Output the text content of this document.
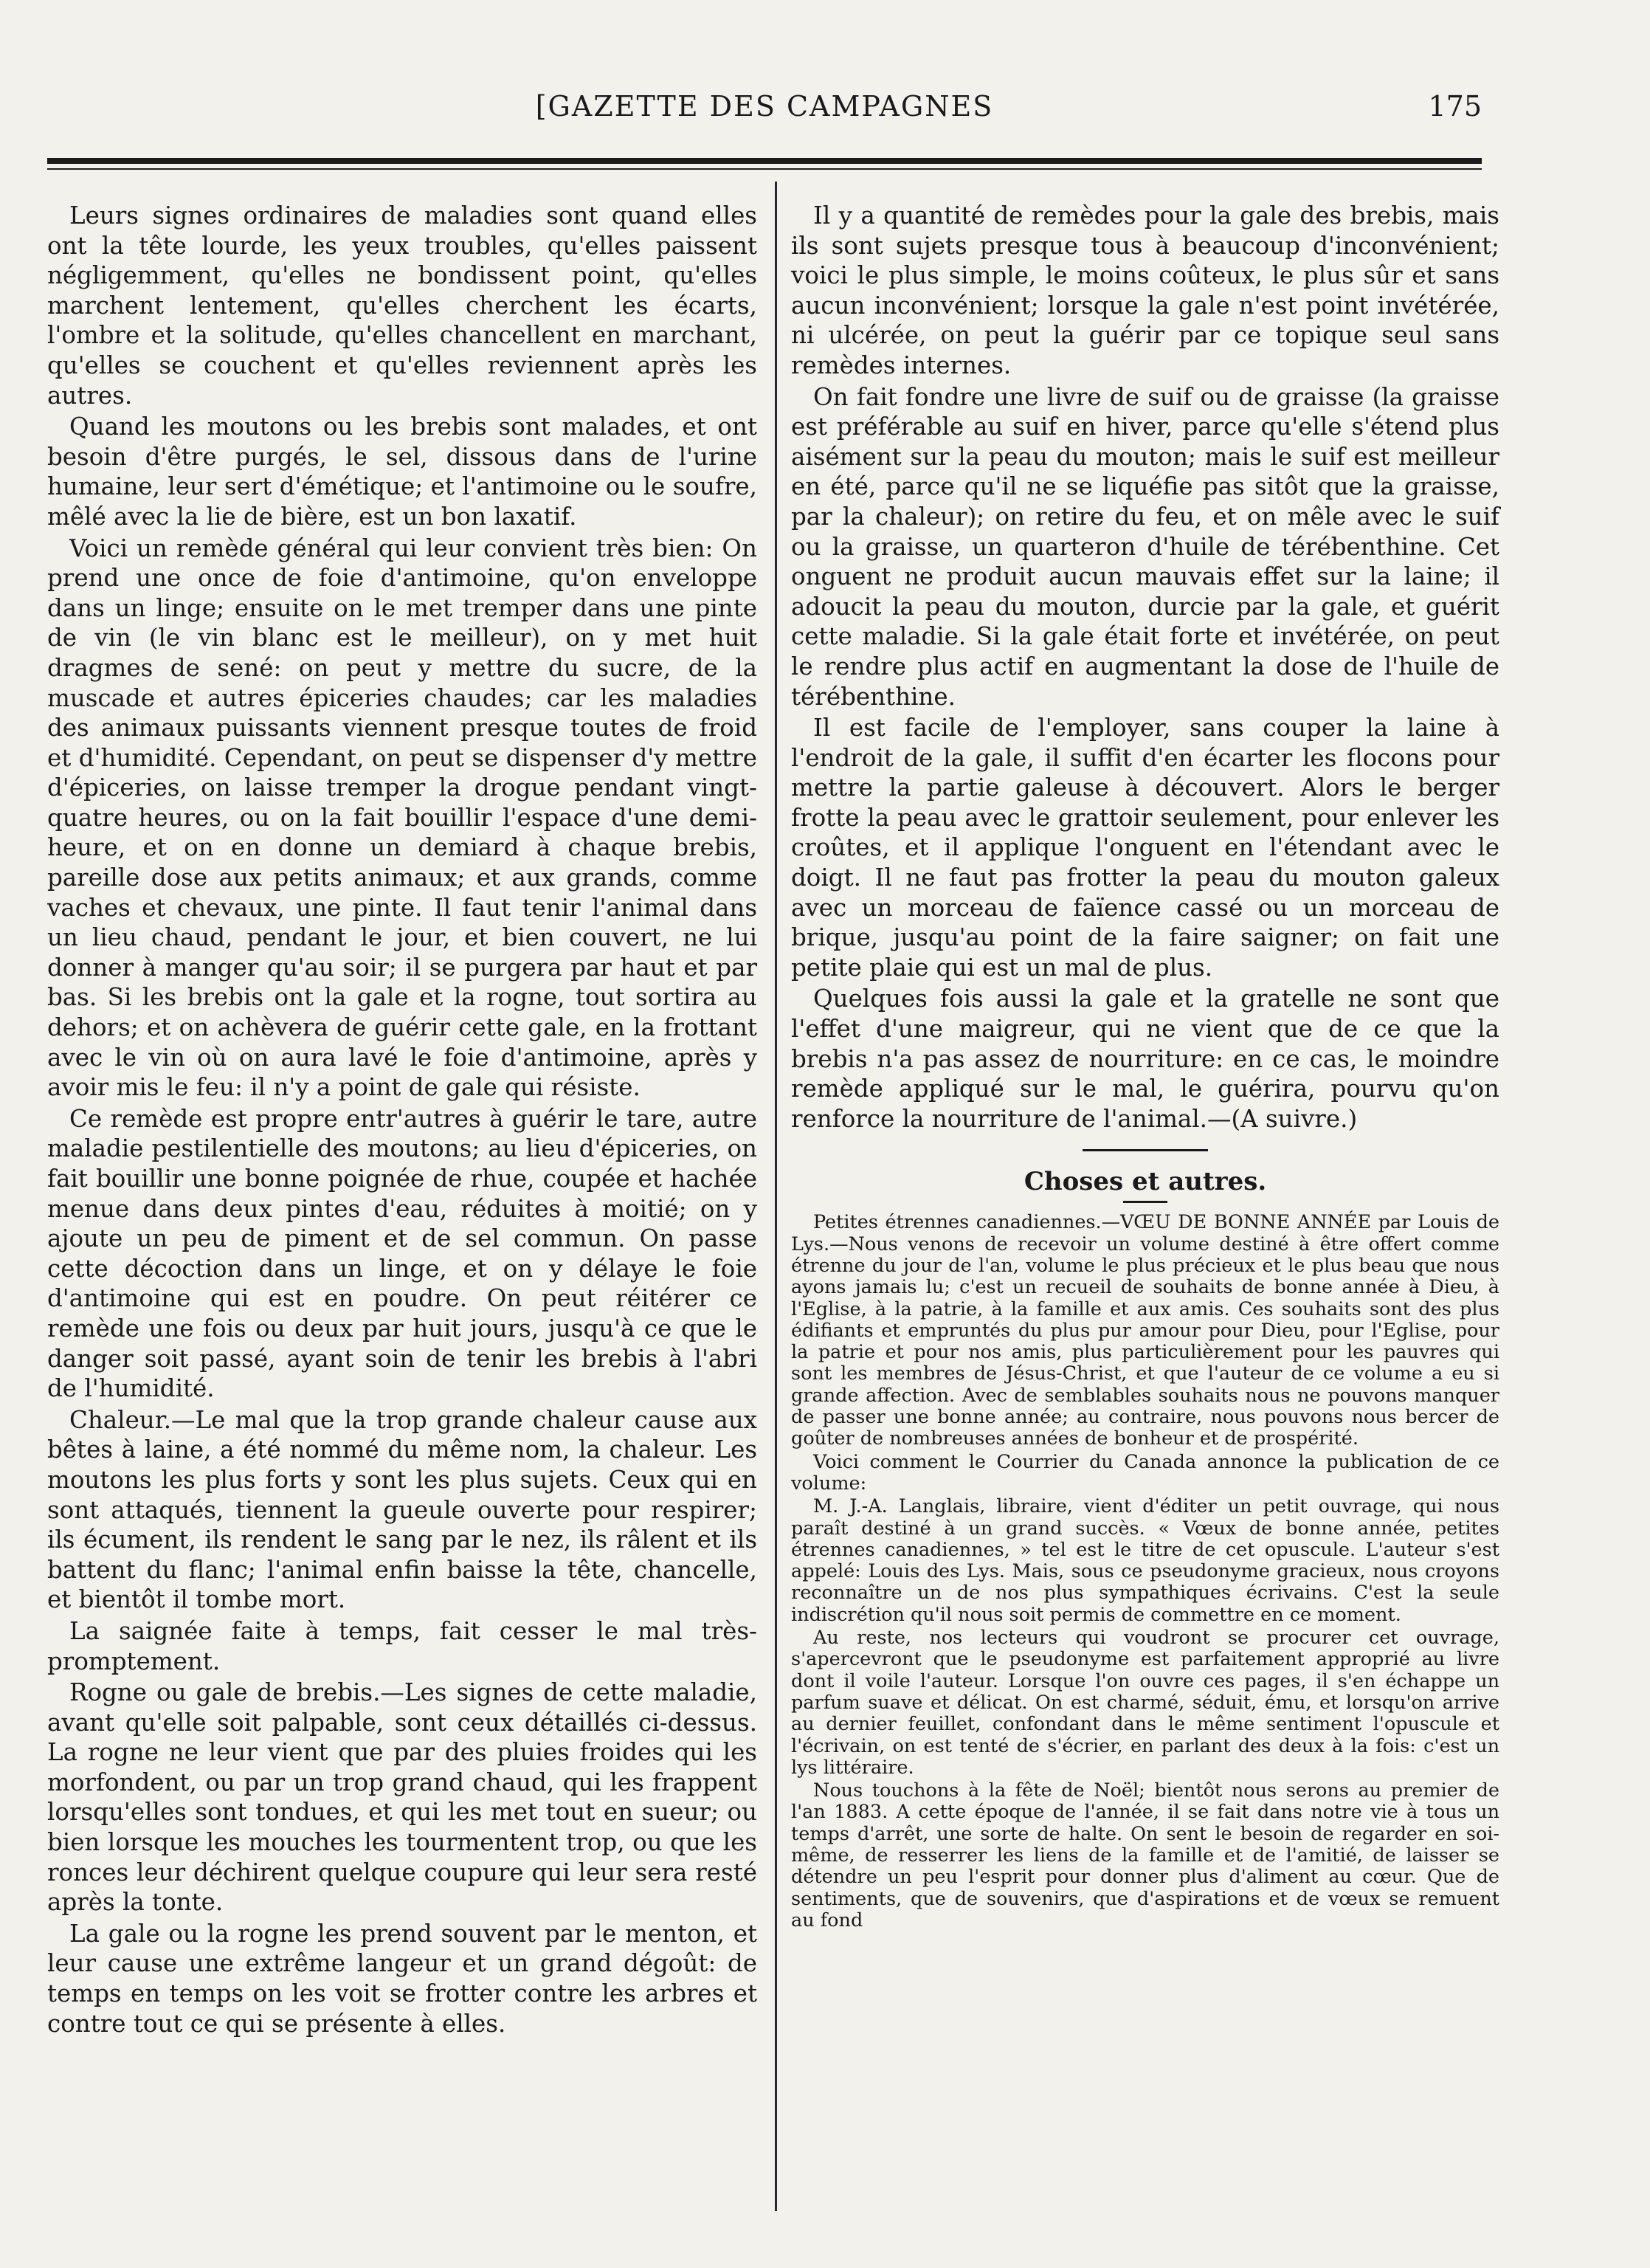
[GAZETTE DES CAMPAGNES	175

Leurs signes ordinaires de maladies sont quand elles ont la tête lourde, les yeux troubles, qu'elles paissent négligemment, qu'elles ne bondissent point, qu'elles marchent lentement, qu'elles cherchent les écarts, l'ombre et la solitude, qu'elles chancellent en marchant, qu'elles se couchent et qu'elles reviennent après les autres.

Quand les moutons ou les brebis sont malades, et ont besoin d'être purgés, le sel, dissous dans de l'urine humaine, leur sert d'émétique; et l'antimoine ou le soufre, mêlé avec la lie de bière, est un bon laxatif.

Voici un remède général qui leur convient très bien: On prend une once de foie d'antimoine, qu'on enveloppe dans un linge; ensuite on le met tremper dans une pinte de vin (le vin blanc est le meilleur), on y met huit dragmes de sené: on peut y mettre du sucre, de la muscade et autres épiceries chaudes; car les maladies des animaux puissants viennent presque toutes de froid et d'humidité. Cependant, on peut se dispenser d'y mettre d'épiceries, on laisse tremper la drogue pendant vingt-quatre heures, ou on la fait bouillir l'espace d'une demi-heure, et on en donne un demiard à chaque brebis, pareille dose aux petits animaux; et aux grands, comme vaches et chevaux, une pinte. Il faut tenir l'animal dans un lieu chaud, pendant le jour, et bien couvert, ne lui donner à manger qu'au soir; il se purgera par haut et par bas. Si les brebis ont la gale et la rogne, tout sortira au dehors; et on achèvera de guérir cette gale, en la frottant avec le vin où on aura lavé le foie d'antimoine, après y avoir mis le feu: il n'y a point de gale qui résiste.

Ce remède est propre entr'autres à guérir le tare, autre maladie pestilentielle des moutons; au lieu d'épiceries, on fait bouillir une bonne poignée de rhue, coupée et hachée menue dans deux pintes d'eau, réduites à moitié; on y ajoute un peu de piment et de sel commun. On passe cette décoction dans un linge, et on y délaye le foie d'antimoine qui est en poudre. On peut réitérer ce remède une fois ou deux par huit jours, jusqu'à ce que le danger soit passé, ayant soin de tenir les brebis à l'abri de l'humidité.

Chaleur.—Le mal que la trop grande chaleur cause aux bêtes à laine, a été nommé du même nom, la chaleur. Les moutons les plus forts y sont les plus sujets. Ceux qui en sont attaqués, tiennent la gueule ouverte pour respirer; ils écument, ils rendent le sang par le nez, ils râlent et ils battent du flanc; l'animal enfin baisse la tête, chancelle, et bientôt il tombe mort.

La saignée faite à temps, fait cesser le mal très-promptement.

Rogne ou gale de brebis.—Les signes de cette maladie, avant qu'elle soit palpable, sont ceux détaillés ci-dessus. La rogne ne leur vient que par des pluies froides qui les morfondent, ou par un trop grand chaud, qui les frappent lorsqu'elles sont tondues, et qui les met tout en sueur; ou bien lorsque les mouches les tourmentent trop, ou que les ronces leur déchirent quelque coupure qui leur sera resté après la tonte.

La gale ou la rogne les prend souvent par le menton, et leur cause une extrême langeur et un grand dégoût: de temps en temps on les voit se frotter contre les arbres et contre tout ce qui se présente à elles.

Il y a quantité de remèdes pour la gale des brebis, mais ils sont sujets presque tous à beaucoup d'inconvénient; voici le plus simple, le moins coûteux, le plus sûr et sans aucun inconvénient; lorsque la gale n'est point invétérée, ni ulcérée, on peut la guérir par ce topique seul sans remèdes internes.

On fait fondre une livre de suif ou de graisse (la graisse est préférable au suif en hiver, parce qu'elle s'étend plus aisément sur la peau du mouton; mais le suif est meilleur en été, parce qu'il ne se liquéfie pas sitôt que la graisse, par la chaleur); on retire du feu, et on mêle avec le suif ou la graisse, un quarteron d'huile de térébenthine. Cet onguent ne produit aucun mauvais effet sur la laine; il adoucit la peau du mouton, durcie par la gale, et guérit cette maladie. Si la gale était forte et invétérée, on peut le rendre plus actif en augmentant la dose de l'huile de térébenthine.

Il est facile de l'employer, sans couper la laine à l'endroit de la gale, il suffit d'en écarter les flocons pour mettre la partie galeuse à découvert. Alors le berger frotte la peau avec le grattoir seulement, pour enlever les croûtes, et il applique l'onguent en l'étendant avec le doigt. Il ne faut pas frotter la peau du mouton galeux avec un morceau de faïence cassé ou un morceau de brique, jusqu'au point de la faire saigner; on fait une petite plaie qui est un mal de plus.

Quelques fois aussi la gale et la gratelle ne sont que l'effet d'une maigreur, qui ne vient que de ce que la brebis n'a pas assez de nourriture: en ce cas, le moindre remède appliqué sur le mal, le guérira, pourvu qu'on renforce la nourriture de l'animal.—(A suivre.)

Choses et autres.

Petites étrennes canadiennes.—VŒU DE BONNE ANNÉE par Louis de Lys.—Nous venons de recevoir un volume destiné à être offert comme étrenne du jour de l'an, volume le plus précieux et le plus beau que nous ayons jamais lu; c'est un recueil de souhaits de bonne année à Dieu, à l'Eglise, à la patrie, à la famille et aux amis. Ces souhaits sont des plus édifiants et empruntés du plus pur amour pour Dieu, pour l'Eglise, pour la patrie et pour nos amis, plus particulièrement pour les pauvres qui sont les membres de Jésus-Christ, et que l'auteur de ce volume a eu si grande affection. Avec de semblables souhaits nous ne pouvons manquer de passer une bonne année; au contraire, nous pouvons nous bercer de goûter de nombreuses années de bonheur et de prospérité.

Voici comment le Courrier du Canada annonce la publication de ce volume:

M. J.-A. Langlais, libraire, vient d'éditer un petit ouvrage, qui nous paraît destiné à un grand succès. « Vœux de bonne année, petites étrennes canadiennes, » tel est le titre de cet opuscule. L'auteur s'est appelé: Louis des Lys. Mais, sous ce pseudonyme gracieux, nous croyons reconnaître un de nos plus sympathiques écrivains. C'est la seule indiscrétion qu'il nous soit permis de commettre en ce moment.

Au reste, nos lecteurs qui voudront se procurer cet ouvrage, s'apercevront que le pseudonyme est parfaitement approprié au livre dont il voile l'auteur. Lorsque l'on ouvre ces pages, il s'en échappe un parfum suave et délicat. On est charmé, séduit, ému, et lorsqu'on arrive au dernier feuillet, confondant dans le même sentiment l'opuscule et l'écrivain, on est tenté de s'écrier, en parlant des deux à la fois: c'est un lys littéraire.

Nous touchons à la fête de Noël; bientôt nous serons au premier de l'an 1883. A cette époque de l'année, il se fait dans notre vie à tous un temps d'arrêt, une sorte de halte. On sent le besoin de regarder en soi-même, de resserrer les liens de la famille et de l'amitié, de laisser se détendre un peu l'esprit pour donner plus d'aliment au cœur. Que de sentiments, que de souvenirs, que d'aspirations et de vœux se remuent au fond
